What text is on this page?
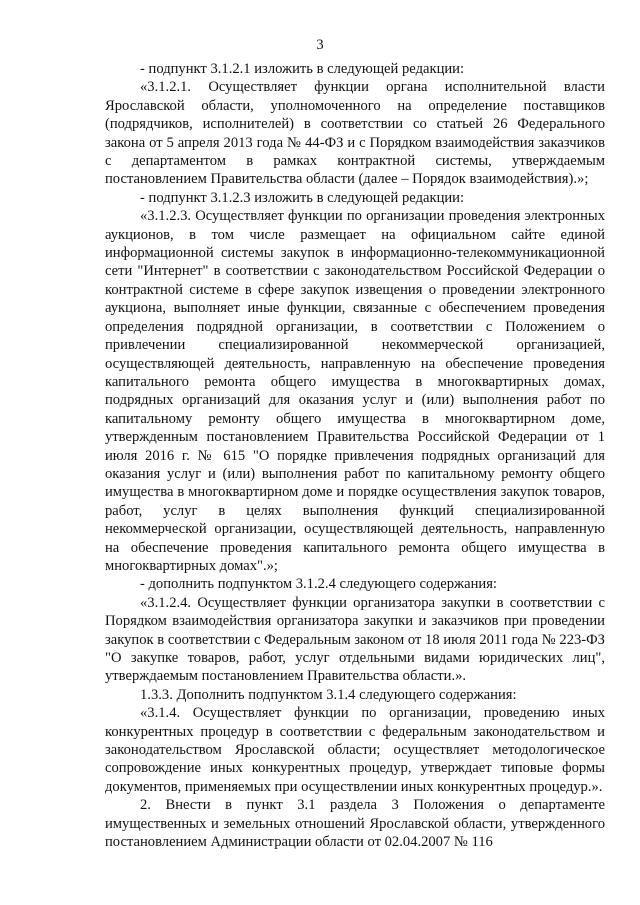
3

- подпункт 3.1.2.1 изложить в следующей редакции:

«3.1.2.1. Осуществляет функции органа исполнительной власти Ярославской области, уполномоченного на определение поставщиков (подрядчиков, исполнителей) в соответствии со статьей 26 Федерального закона от 5 апреля 2013 года № 44-ФЗ и с Порядком взаимодействия заказчиков с департаментом в рамках контрактной системы, утверждаемым постановлением Правительства области (далее – Порядок взаимодействия).»;

- подпункт 3.1.2.3 изложить в следующей редакции:

«3.1.2.3. Осуществляет функции по организации проведения электронных аукционов, в том числе размещает на официальном сайте единой информационной системы закупок в информационно-телекоммуникационной сети "Интернет" в соответствии с законодательством Российской Федерации о контрактной системе в сфере закупок извещения о проведении электронного аукциона, выполняет иные функции, связанные с обеспечением проведения определения подрядной организации, в соответствии с Положением о привлечении специализированной некоммерческой организацией, осуществляющей деятельность, направленную на обеспечение проведения капитального ремонта общего имущества в многоквартирных домах, подрядных организаций для оказания услуг и (или) выполнения работ по капитальному ремонту общего имущества в многоквартирном доме, утвержденным постановлением Правительства Российской Федерации от 1 июля 2016 г. № 615 "О порядке привлечения подрядных организаций для оказания услуг и (или) выполнения работ по капитальному ремонту общего имущества в многоквартирном доме и порядке осуществления закупок товаров, работ, услуг в целях выполнения функций специализированной некоммерческой организации, осуществляющей деятельность, направленную на обеспечение проведения капитального ремонта общего имущества в многоквартирных домах".»;

- дополнить подпунктом 3.1.2.4 следующего содержания:

«3.1.2.4. Осуществляет функции организатора закупки в соответствии с Порядком взаимодействия организатора закупки и заказчиков при проведении закупок в соответствии с Федеральным законом от 18 июля 2011 года № 223-ФЗ "О закупке товаров, работ, услуг отдельными видами юридических лиц", утверждаемым постановлением Правительства области.».

1.3.3. Дополнить подпунктом 3.1.4 следующего содержания:

«3.1.4. Осуществляет функции по организации, проведению иных конкурентных процедур в соответствии с федеральным законодательством и законодательством Ярославской области; осуществляет методологическое сопровождение иных конкурентных процедур, утверждает типовые формы документов, применяемых при осуществлении иных конкурентных процедур.».

2. Внести в пункт 3.1 раздела 3 Положения о департаменте имущественных и земельных отношений Ярославской области, утвержденного постановлением Администрации области от 02.04.2007 № 116
